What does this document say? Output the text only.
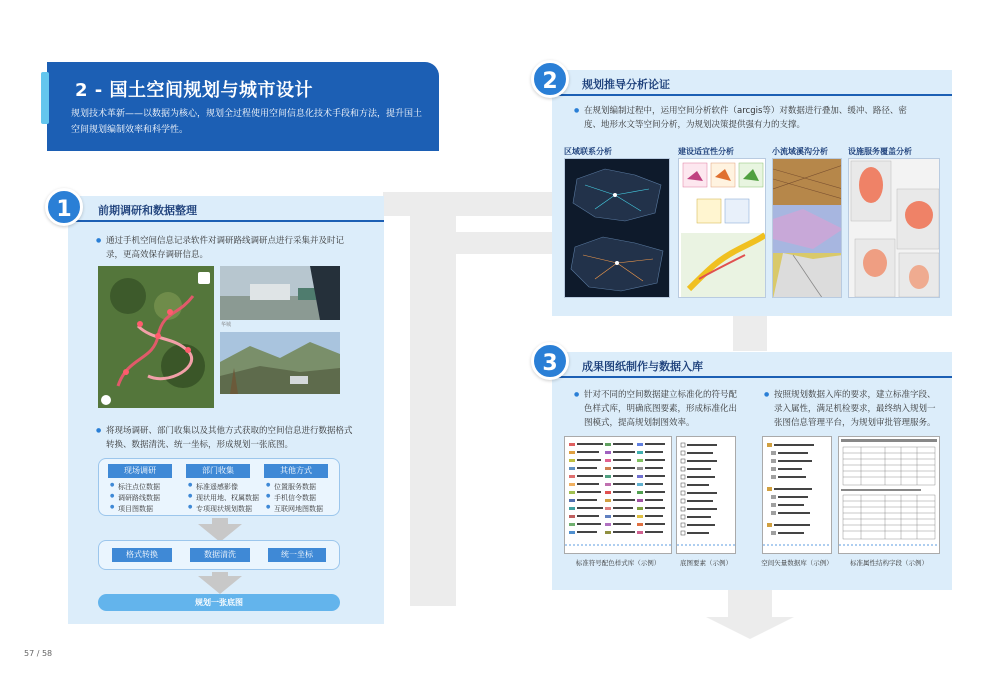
2 - 国土空间规划与城市设计

规划技术革新——以数据为核心，规划全过程使用空间信息化技术手段和方法，提升国土空间规划编制效率和科学性。

前期调研和数据整理
● 通过手机空间信息记录软件对调研路线调研点进行采集并及时记录，更高效保存调研信息。
华城
● 将现场调研、部门收集以及其他方式获取的空间信息进行数据格式转换、数据清洗、统一坐标，形成规划一张底图。
现场调研
● 标注点位数据
● 调研路线数据
● 项目图数据
部门收集
● 标准遥感影像
● 现状用地、权属数据
● 专项现状规划数据
其他方式
● 位置服务数据
● 手机信令数据
● 互联网地图数据
格式转换	数据清洗	统一坐标
规划一张底图
1
规划推导分析论证
● 在规划编制过程中，运用空间分析软件（arcgis等）对数据进行叠加、缓冲、路径、密度、地形水文等空间分析，为规划决策提供强有力的支撑。
区域联系分析	建设适宜性分析	小流域溪沟分析	设施服务覆盖分析
2
成果图纸制作与数据入库
● 针对不同的空间数据建立标准化的符号配色样式库，明确底图要素，形成标准化出图模式，提高规划制图效率。
● 按照规划数据入库的要求，建立标准字段、录入属性，满足机检要求，最终纳入规划一张图信息管理平台，为规划审批管理服务。
标准符号配色样式库（示例）	底图要素（示例）	空间矢量数据库（示例）	标准属性结构字段（示例）
3
57 / 58
